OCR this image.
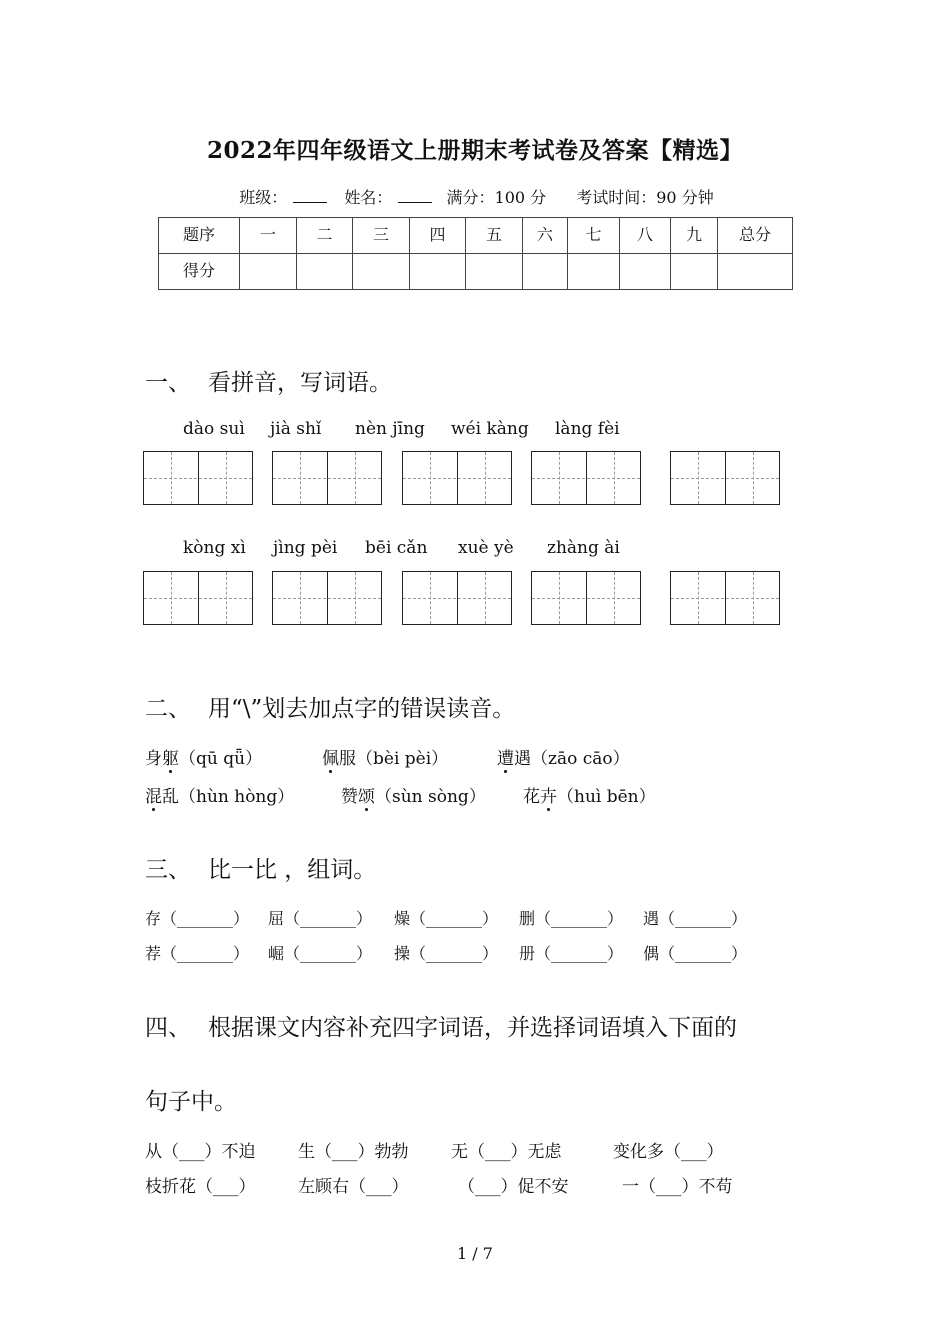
2022年四年级语文上册期末考试卷及答案【精选】
班级：	姓名：	满分：100 分 考试时间：90 分钟
题序	一	二	三	四	五	六	七	八	九	总分
得分										
一、 看拼音，写词语。
dào suì jià shǐ nèn jīng wéi kàng làng fèi
kòng xì jìng pèi bēi cǎn xuè yè zhàng ài
二、 用“\”划去加点字的错误读音。
身躯（qū qǖ）	佩服（bèi pèi）	遭遇（zāo cāo）
混乱（hùn hòng）	赞颂（sùn sòng） 花卉（huì bēn）
三、 比一比 ，组词。
存（_______） 屈（_______） 燥（_______） 删（_______） 遇（_______）
荐（_______） 崛（_______） 操（_______） 册（_______） 偶（_______）
四、 根据课文内容补充四字词语，并选择词语填入下面的
句子中。
从（___）不迫	生（___）勃勃	无（___）无虑	变化多（___）
枝折花（___）	左顾右（___）	（___）促不安	一（___）不苟
1 / 7
